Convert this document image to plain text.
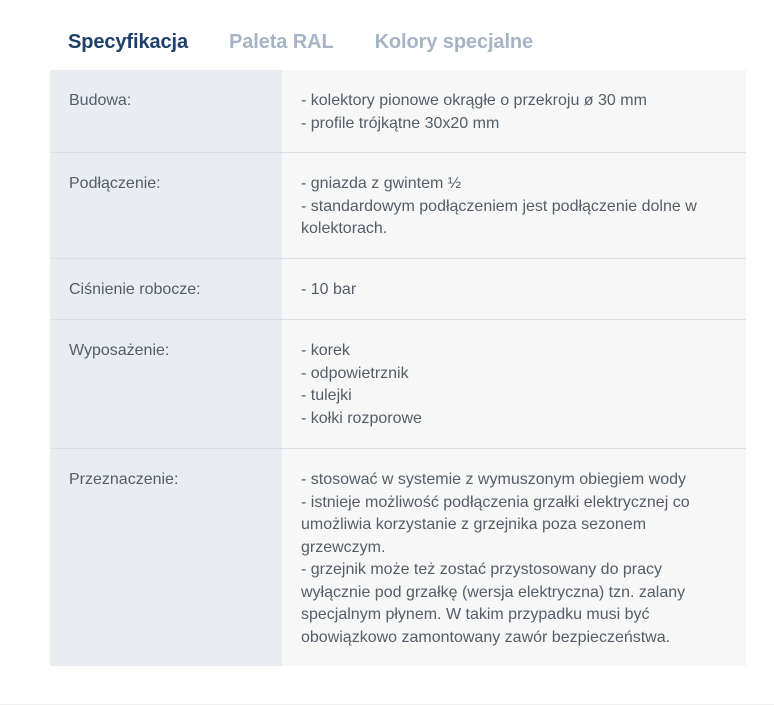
Specyfikacja Paleta RAL Kolory specjalne
Budowa:	- kolektory pionowe okrągłe o przekroju ø 30 mm
- profile trójkątne 30x20 mm
Podłączenie:	- gniazda z gwintem ½
- standardowym podłączeniem jest podłączenie dolne w
kolektorach.
Ciśnienie robocze:	- 10 bar
Wyposażenie:	- korek
- odpowietrznik
- tulejki
- kołki rozporowe
Przeznaczenie:	- stosować w systemie z wymuszonym obiegiem wody
- istnieje możliwość podłączenia grzałki elektrycznej co
umożliwia korzystanie z grzejnika poza sezonem
grzewczym.
- grzejnik może też zostać przystosowany do pracy
wyłącznie pod grzałkę (wersja elektryczna) tzn. zalany
specjalnym płynem. W takim przypadku musi być
obowiązkowo zamontowany zawór bezpieczeństwa.
